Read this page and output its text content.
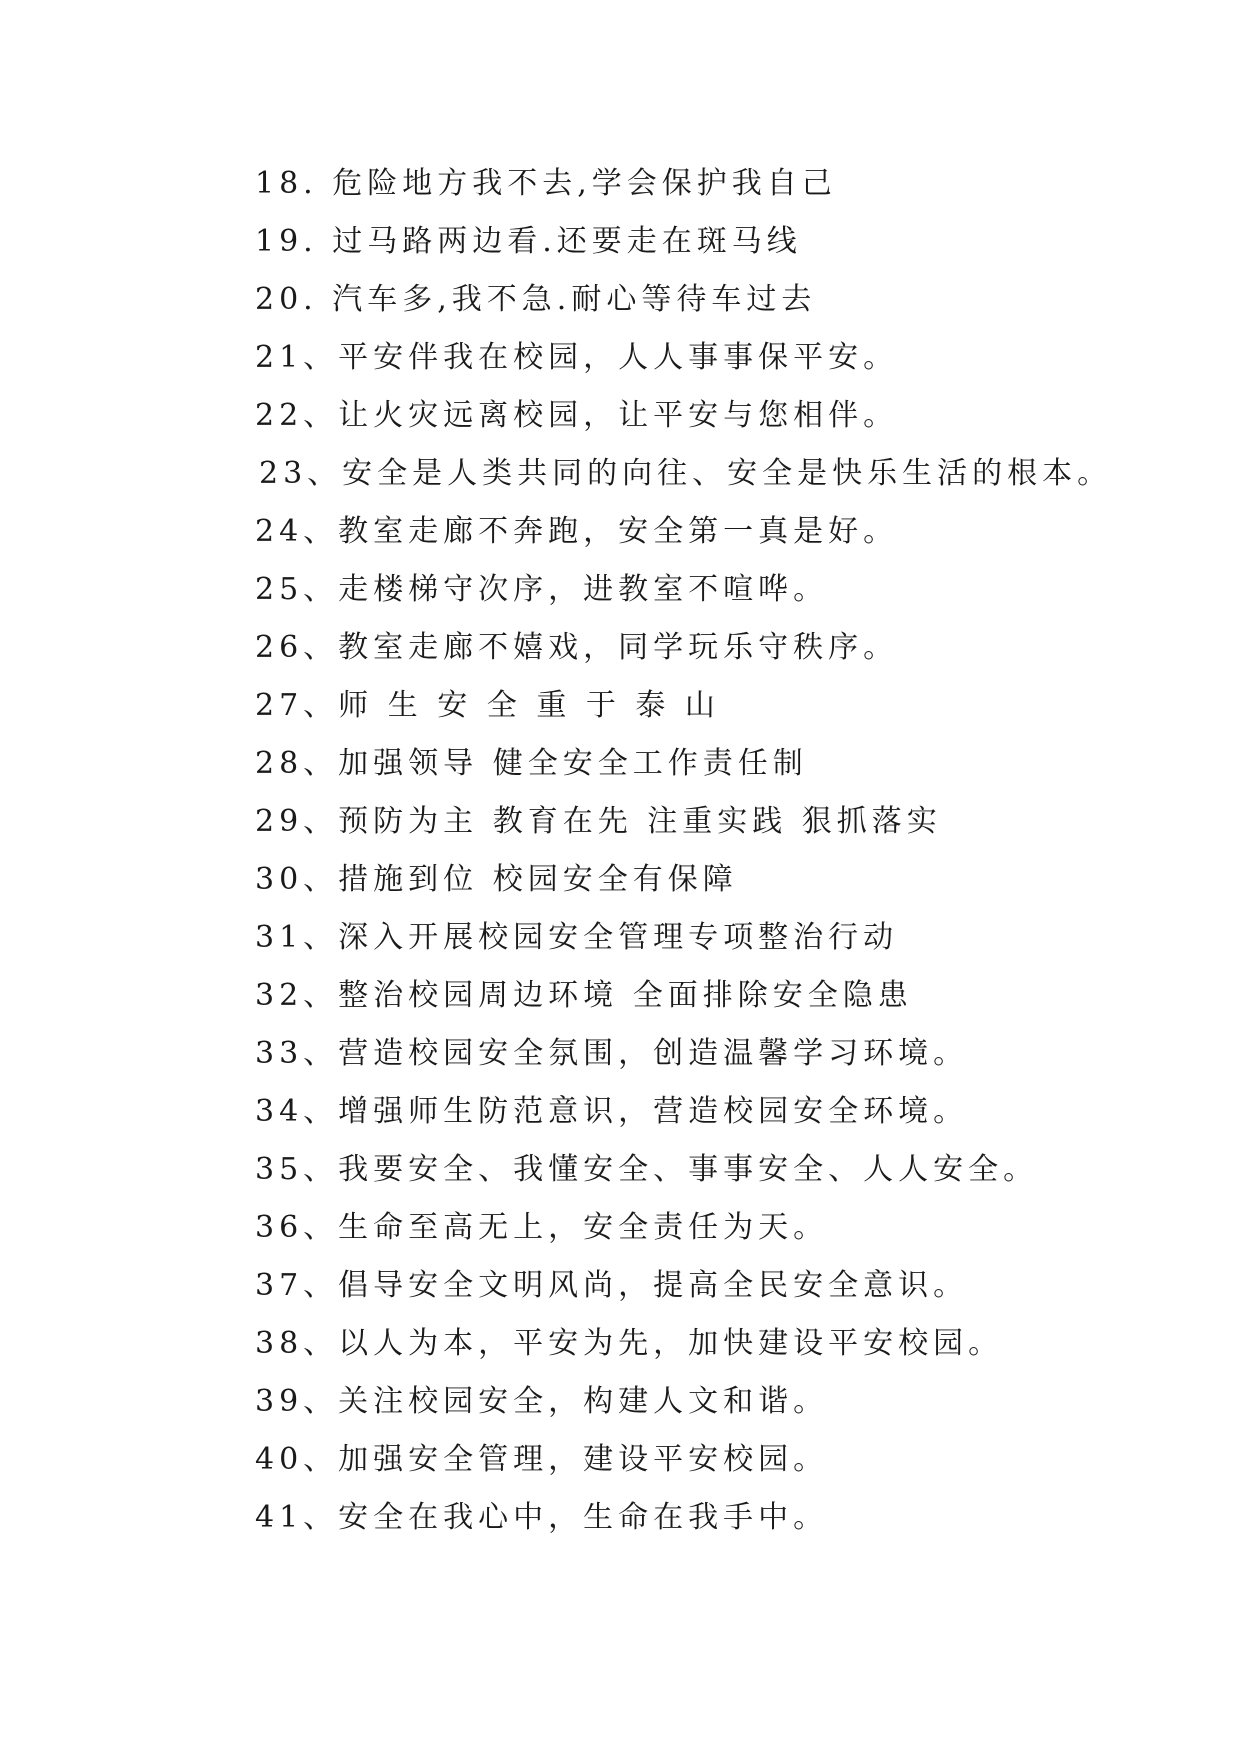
18. 危险地方我不去,学会保护我自己
19. 过马路两边看.还要走在斑马线
20. 汽车多,我不急.耐心等待车过去
21、平安伴我在校园，人人事事保平安。
22、让火灾远离校园，让平安与您相伴。
23、安全是人类共同的向往、安全是快乐生活的根本。
24、教室走廊不奔跑，安全第一真是好。
25、走楼梯守次序，进教室不喧哗。
26、教室走廊不嬉戏，同学玩乐守秩序。
27、师 生 安 全 重 于 泰 山
28、加强领导 健全安全工作责任制
29、预防为主 教育在先 注重实践 狠抓落实
30、措施到位 校园安全有保障
31、深入开展校园安全管理专项整治行动
32、整治校园周边环境 全面排除安全隐患
33、营造校园安全氛围，创造温馨学习环境。
34、增强师生防范意识，营造校园安全环境。
35、我要安全、我懂安全、事事安全、人人安全。
36、生命至高无上，安全责任为天。
37、倡导安全文明风尚，提高全民安全意识。
38、以人为本，平安为先，加快建设平安校园。
39、关注校园安全，构建人文和谐。
40、加强安全管理，建设平安校园。
41、安全在我心中，生命在我手中。
